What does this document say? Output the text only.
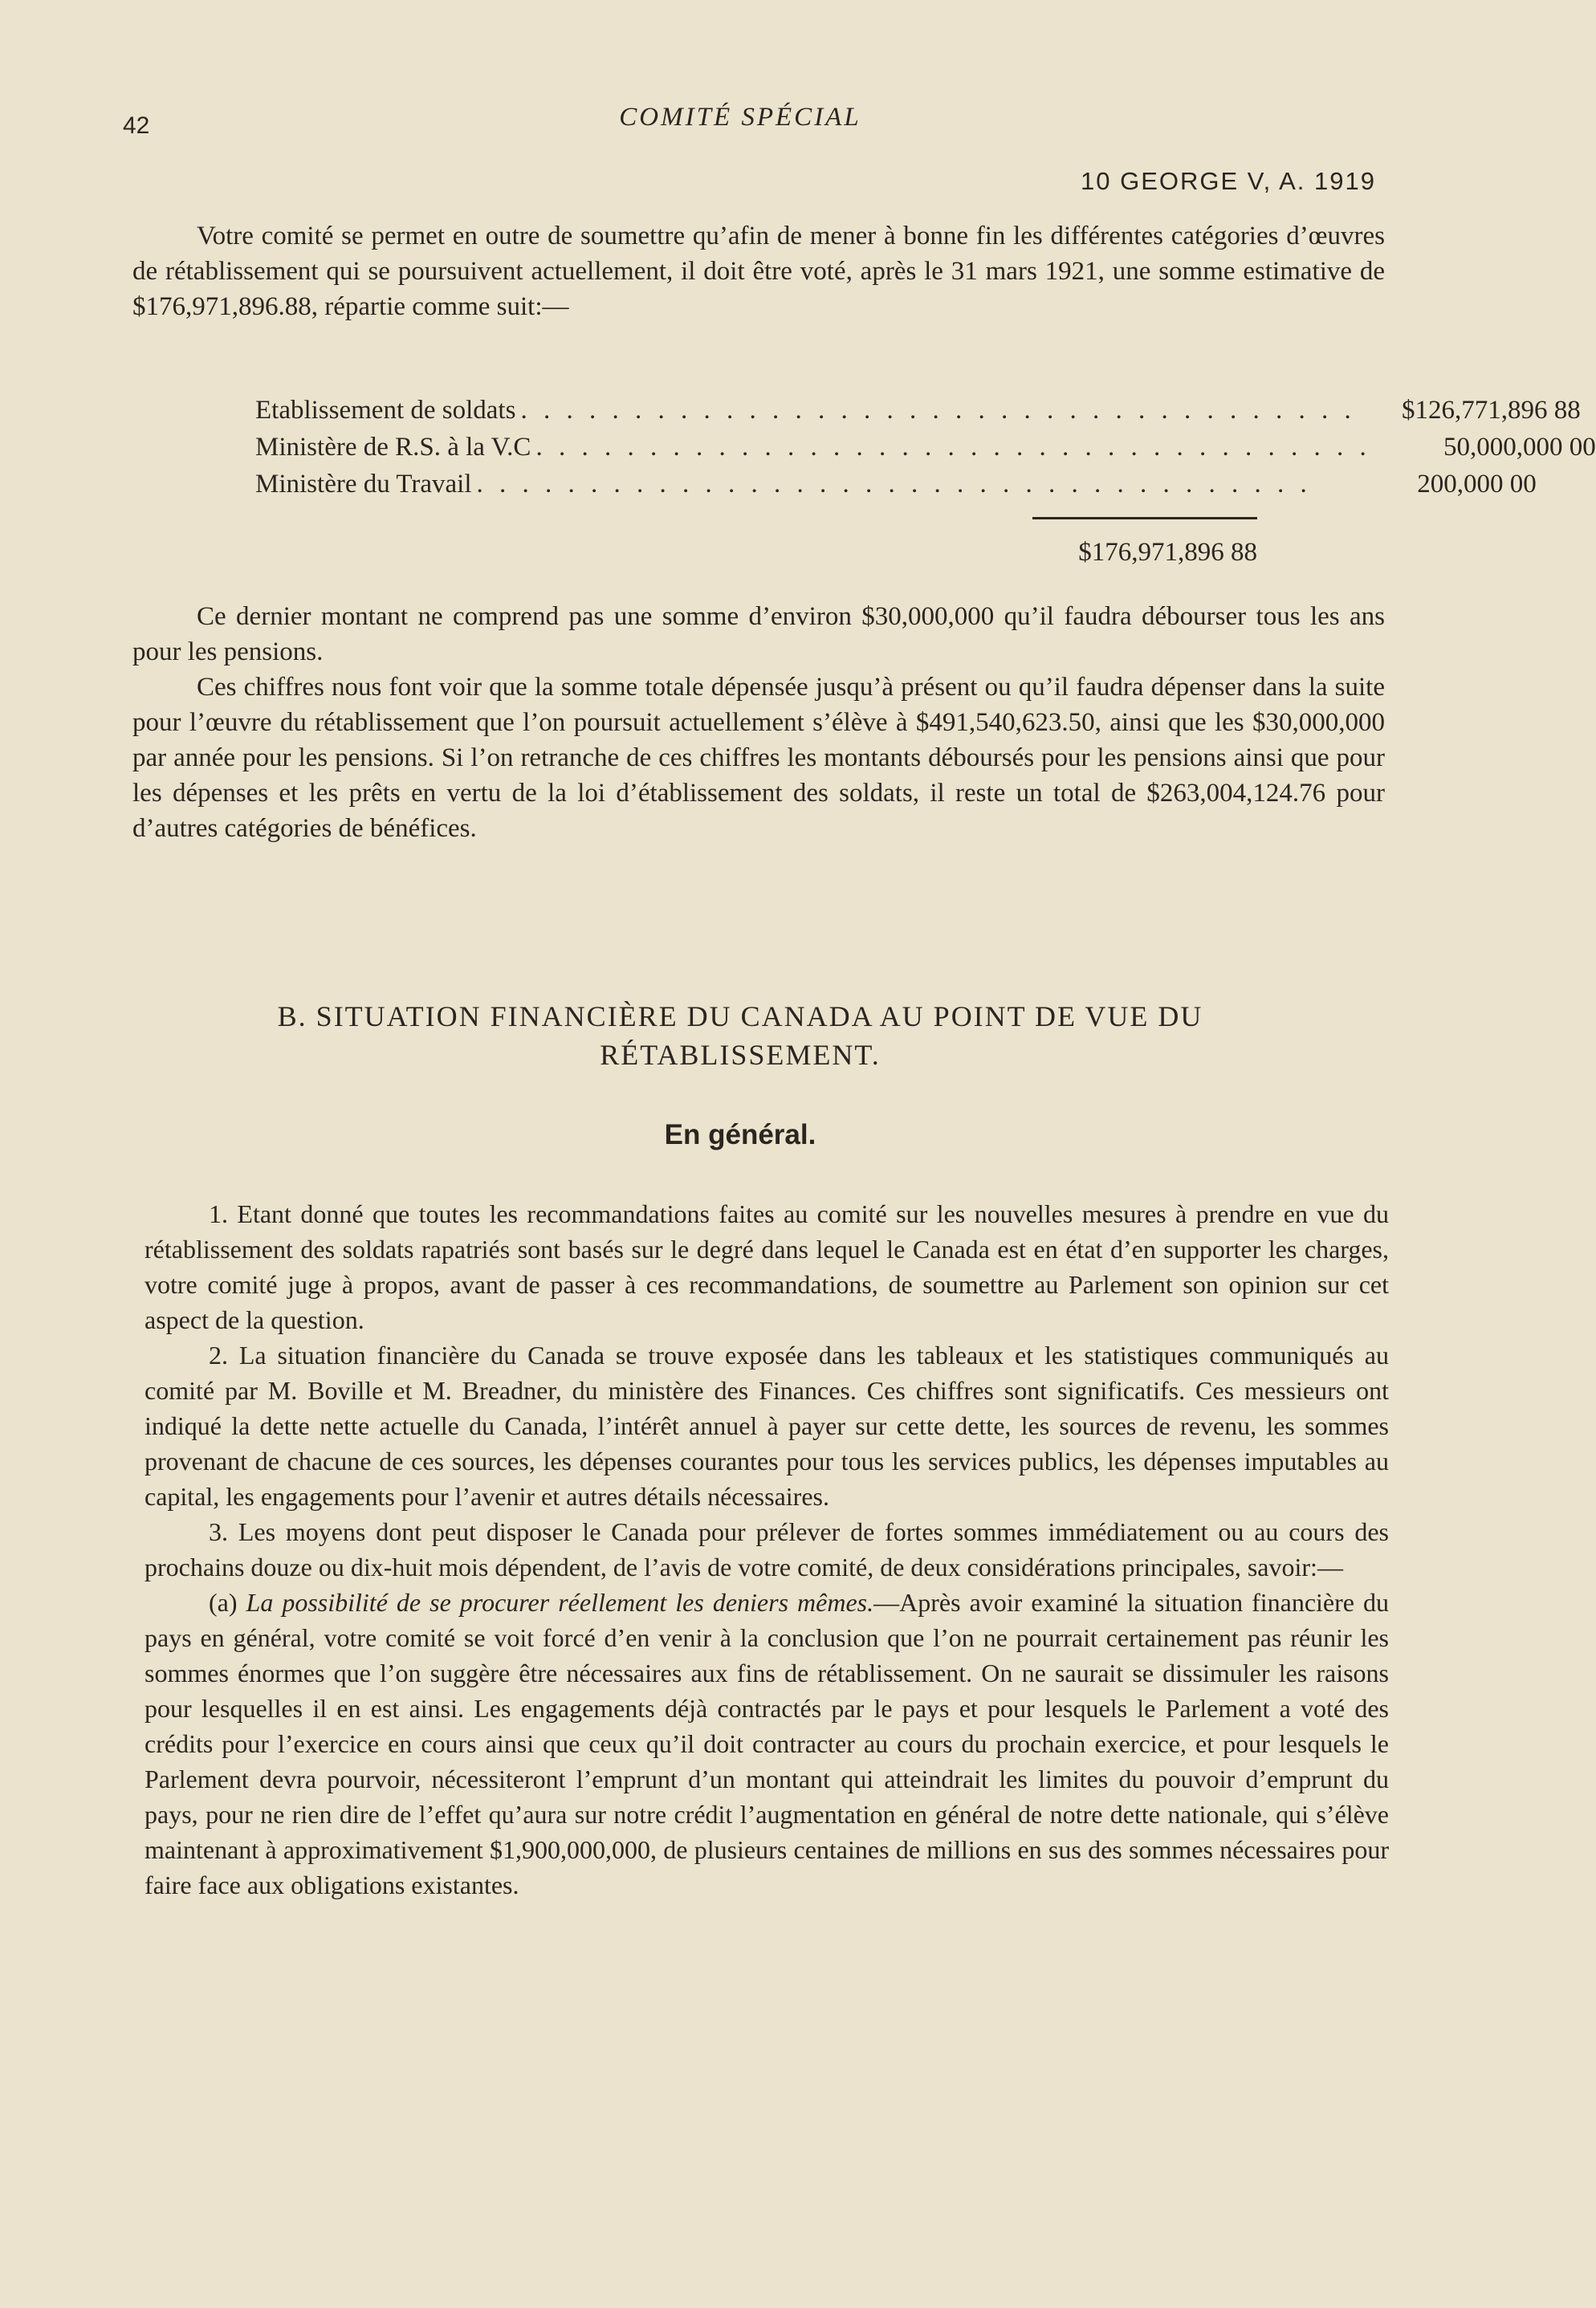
42	COMITÉ SPÉCIAL
10 GEORGE V, A. 1919

Votre comité se permet en outre de soumettre qu’afin de mener à bonne fin les différentes catégories d’œuvres de rétablissement qui se poursuivent actuellement, il doit être voté, après le 31 mars 1921, une somme estimative de $176,971,896.88, répartie comme suit:—

Etablissement de soldats . . . . . . . . . . . . . . . . . . . . . . . . . . . . . . . . . . . . .	$126,771,896 88
Ministère de R.S. à la V.C . . . . . . . . . . . . . . . . . . . . . . . . . . . . . . . . . . . . .	50,000,000 00
Ministère du Travail . . . . . . . . . . . . . . . . . . . . . . . . . . . . . . . . . . . . .	200,000 00
$176,971,896 88

Ce dernier montant ne comprend pas une somme d’environ $30,000,000 qu’il faudra débourser tous les ans pour les pensions.

Ces chiffres nous font voir que la somme totale dépensée jusqu’à présent ou qu’il faudra dépenser dans la suite pour l’œuvre du rétablissement que l’on poursuit actuellement s’élève à $491,540,623.50, ainsi que les $30,000,000 par année pour les pensions. Si l’on retranche de ces chiffres les montants déboursés pour les pensions ainsi que pour les dépenses et les prêts en vertu de la loi d’établissement des soldats, il reste un total de $263,004,124.76 pour d’autres catégories de bénéfices.

B. SITUATION FINANCIÈRE DU CANADA AU POINT DE VUE DU
RÉTABLISSEMENT.
En général.

1. Etant donné que toutes les recommandations faites au comité sur les nouvelles mesures à prendre en vue du rétablissement des soldats rapatriés sont basés sur le degré dans lequel le Canada est en état d’en supporter les charges, votre comité juge à propos, avant de passer à ces recommandations, de soumettre au Parlement son opinion sur cet aspect de la question.

2. La situation financière du Canada se trouve exposée dans les tableaux et les statistiques communiqués au comité par M. Boville et M. Breadner, du ministère des Finances. Ces chiffres sont significatifs. Ces messieurs ont indiqué la dette nette actuelle du Canada, l’intérêt annuel à payer sur cette dette, les sources de revenu, les sommes provenant de chacune de ces sources, les dépenses courantes pour tous les services publics, les dépenses imputables au capital, les engagements pour l’avenir et autres détails nécessaires.

3. Les moyens dont peut disposer le Canada pour prélever de fortes sommes immédiatement ou au cours des prochains douze ou dix-huit mois dépendent, de l’avis de votre comité, de deux considérations principales, savoir:—

(a) La possibilité de se procurer réellement les deniers mêmes.—Après avoir examiné la situation financière du pays en général, votre comité se voit forcé d’en venir à la conclusion que l’on ne pourrait certainement pas réunir les sommes énormes que l’on suggère être nécessaires aux fins de rétablissement. On ne saurait se dissimuler les raisons pour lesquelles il en est ainsi. Les engagements déjà contractés par le pays et pour lesquels le Parlement a voté des crédits pour l’exercice en cours ainsi que ceux qu’il doit contracter au cours du prochain exercice, et pour lesquels le Parlement devra pourvoir, nécessiteront l’emprunt d’un montant qui atteindrait les limites du pouvoir d’emprunt du pays, pour ne rien dire de l’effet qu’aura sur notre crédit l’augmentation en général de notre dette nationale, qui s’élève maintenant à approximativement $1,900,000,000, de plusieurs centaines de millions en sus des sommes nécessaires pour faire face aux obligations existantes.
